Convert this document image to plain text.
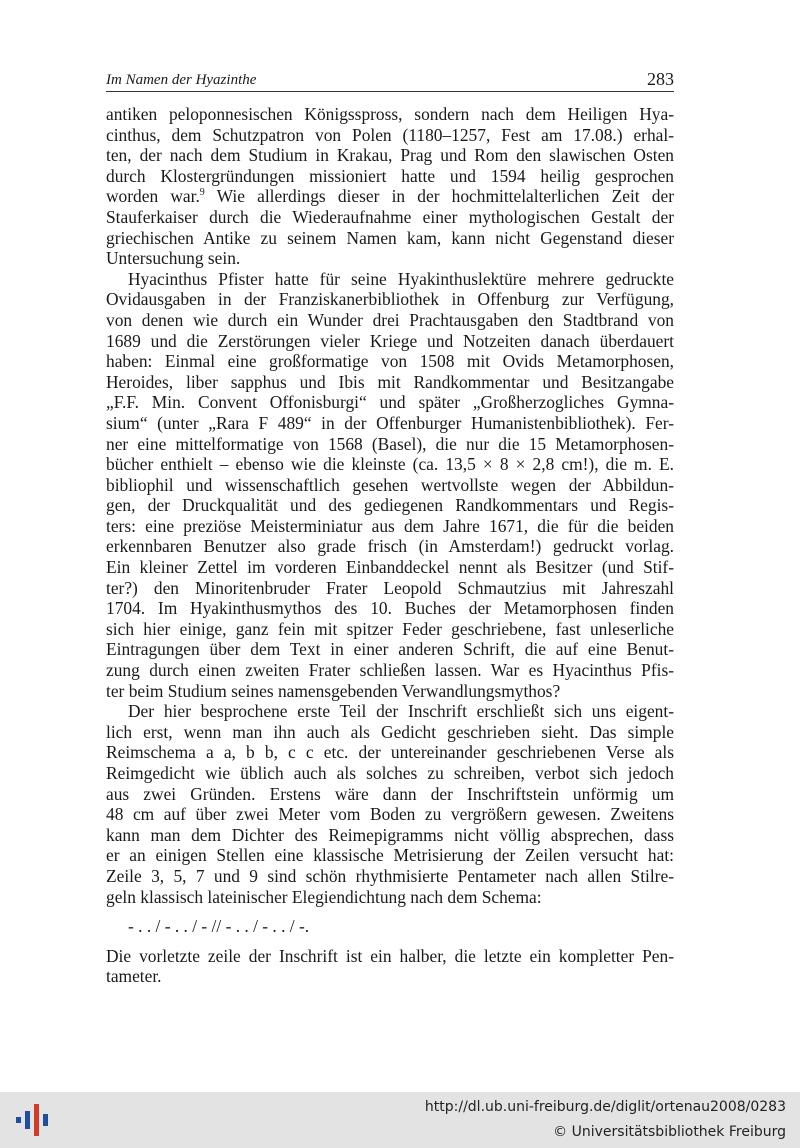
Im Namen der Hyazinthe	283
antiken peloponnesischen Königsspross, sondern nach dem Heiligen Hya-
cinthus, dem Schutzpatron von Polen (1180–1257, Fest am 17.08.) erhal-
ten, der nach dem Studium in Krakau, Prag und Rom den slawischen Osten
durch Klostergründungen missioniert hatte und 1594 heilig gesprochen
worden war.$^9$ Wie allerdings dieser in der hochmittelalterlichen Zeit der
Stauferkaiser durch die Wiederaufnahme einer mythologischen Gestalt der
griechischen Antike zu seinem Namen kam, kann nicht Gegenstand dieser
Untersuchung sein.
Hyacinthus Pfister hatte für seine Hyakinthuslektüre mehrere gedruckte
Ovidausgaben in der Franziskanerbibliothek in Offenburg zur Verfügung,
von denen wie durch ein Wunder drei Prachtausgaben den Stadtbrand von
1689 und die Zerstörungen vieler Kriege und Notzeiten danach überdauert
haben: Einmal eine großformatige von 1508 mit Ovids Metamorphosen,
Heroides, liber sapphus und Ibis mit Randkommentar und Besitzangabe
„F.F. Min. Convent Offonisburgi“ und später „Großherzogliches Gymna-
sium“ (unter „Rara F 489“ in der Offenburger Humanistenbibliothek). Fer-
ner eine mittelformatige von 1568 (Basel), die nur die 15 Metamorphosen-
bücher enthielt – ebenso wie die kleinste (ca. 13,5 × 8 × 2,8 cm!), die m. E.
bibliophil und wissenschaftlich gesehen wertvollste wegen der Abbildun-
gen, der Druckqualität und des gediegenen Randkommentars und Regis-
ters: eine preziöse Meisterminiatur aus dem Jahre 1671, die für die beiden
erkennbaren Benutzer also grade frisch (in Amsterdam!) gedruckt vorlag.
Ein kleiner Zettel im vorderen Einbanddeckel nennt als Besitzer (und Stif-
ter?) den Minoritenbruder Frater Leopold Schmautzius mit Jahreszahl
1704. Im Hyakinthusmythos des 10. Buches der Metamorphosen finden
sich hier einige, ganz fein mit spitzer Feder geschriebene, fast unleserliche
Eintragungen über dem Text in einer anderen Schrift, die auf eine Benut-
zung durch einen zweiten Frater schließen lassen. War es Hyacinthus Pfis-
ter beim Studium seines namensgebenden Verwandlungsmythos?
Der hier besprochene erste Teil der Inschrift erschließt sich uns eigent-
lich erst, wenn man ihn auch als Gedicht geschrieben sieht. Das simple
Reimschema a a, b b, c c etc. der untereinander geschriebenen Verse als
Reimgedicht wie üblich auch als solches zu schreiben, verbot sich jedoch
aus zwei Gründen. Erstens wäre dann der Inschriftstein unförmig um
48 cm auf über zwei Meter vom Boden zu vergrößern gewesen. Zweitens
kann man dem Dichter des Reimepigramms nicht völlig absprechen, dass
er an einigen Stellen eine klassische Metrisierung der Zeilen versucht hat:
Zeile 3, 5, 7 und 9 sind schön rhythmisierte Pentameter nach allen Stilre-
geln klassisch lateinischer Elegiendichtung nach dem Schema:
- . . / - . . / - // - . . / - . . / -.
Die vorletzte zeile der Inschrift ist ein halber, die letzte ein kompletter Pen-
tameter.
http://dl.ub.uni-freiburg.de/diglit/ortenau2008/0283
© Universitätsbibliothek Freiburg
